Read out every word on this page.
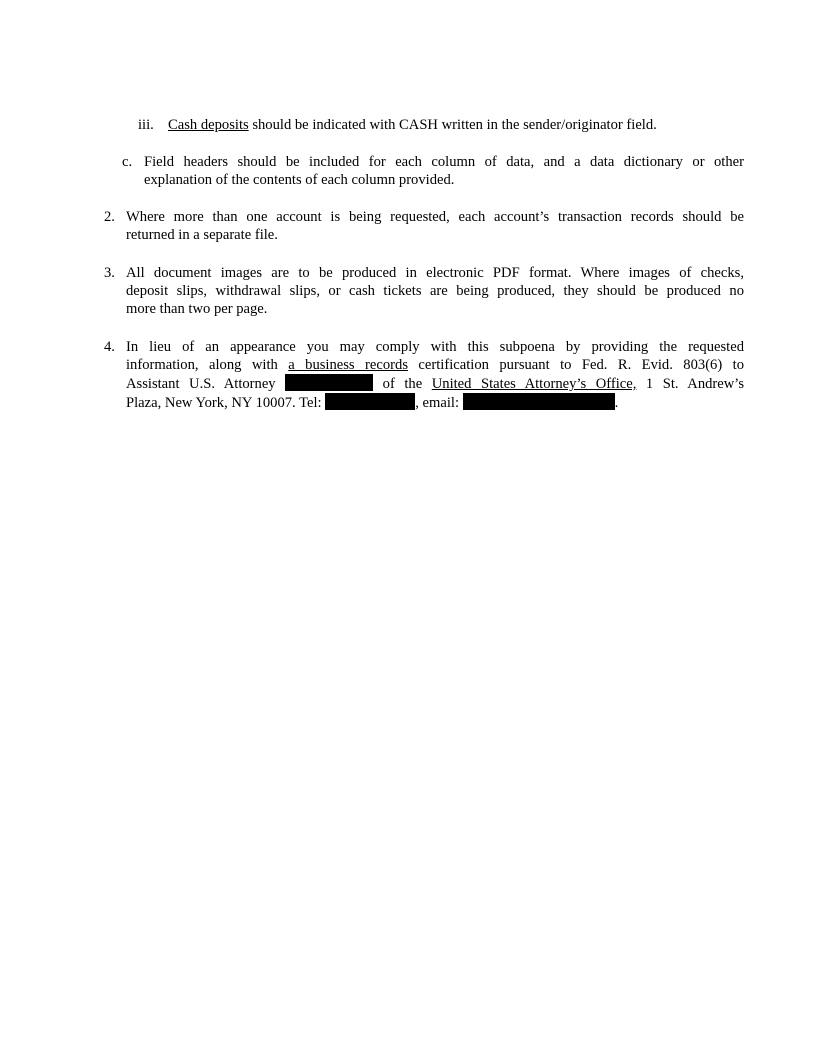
iii. Cash deposits should be indicated with CASH written in the sender/originator field.
c. Field headers should be included for each column of data, and a data dictionary or other
explanation of the contents of each column provided.
2. Where more than one account is being requested, each account’s transaction records should be
returned in a separate file.
3. All document images are to be produced in electronic PDF format. Where images of checks,
deposit slips, withdrawal slips, or cash tickets are being produced, they should be produced no
more than two per page.
4. In lieu of an appearance you may comply with this subpoena by providing the requested
information, along with a business records certification pursuant to Fed. R. Evid. 803(6) to
Assistant U.S. Attorney	of the United States Attorney’s Office, 1 St. Andrew’s
Plaza, New York, NY 10007. Tel:	, email:	.
